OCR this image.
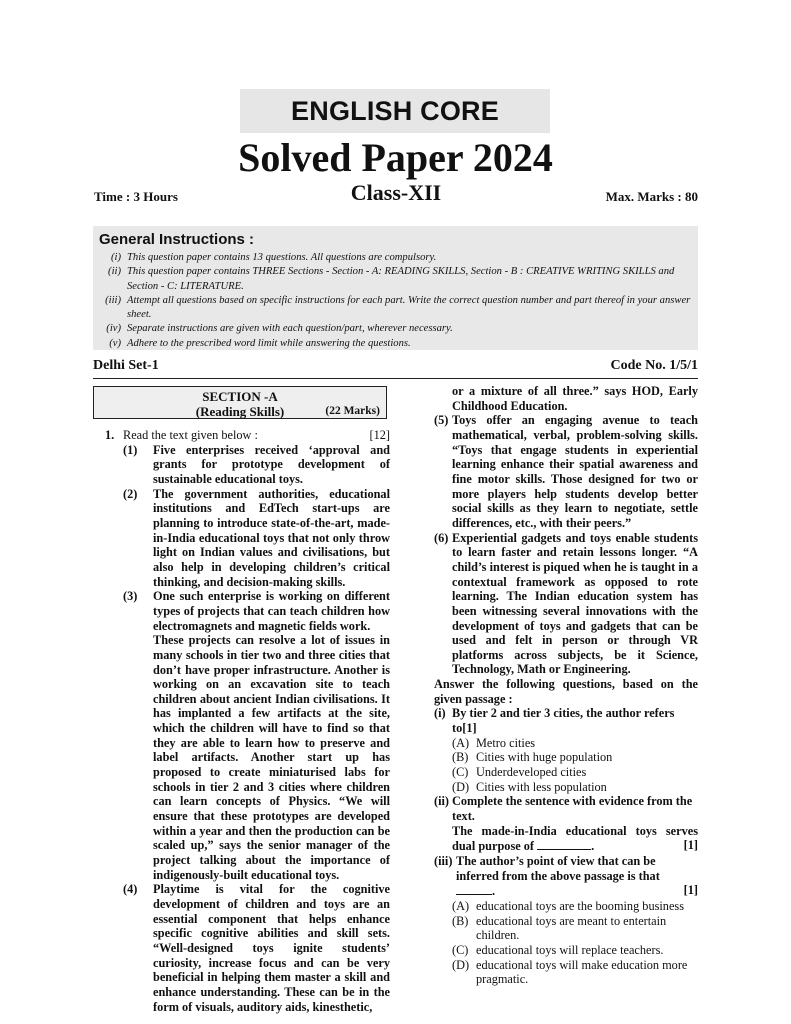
ENGLISH CORE
Solved Paper 2024
Time : 3 Hours	Class-XII	Max. Marks : 80
General Instructions :
(i) This question paper contains 13 questions. All questions are compulsory.
(ii) This question paper contains THREE Sections - Section - A: READING SKILLS, Section - B : CREATIVE WRITING SKILLS and Section - C: LITERATURE.
(iii) Attempt all questions based on specific instructions for each part. Write the correct question number and part thereof in your answer sheet.
(iv) Separate instructions are given with each question/part, wherever necessary.
(v) Adhere to the prescribed word limit while answering the questions.
Delhi Set-1	Code No. 1/5/1
SECTION -A
(Reading Skills)	(22 Marks)
1. Read the text given below :	[12]
(1)	Five enterprises received ‘approval and grants for prototype development of sustainable educational toys.
(2)	The government authorities, educational institutions and EdTech start-ups are planning to introduce state-of-the-art, made-in-India educational toys that not only throw light on Indian values and civilisations, but also help in developing children’s critical thinking, and decision-making skills.
(3)	One such enterprise is working on different types of projects that can teach children how electromagnets and magnetic fields work.
These projects can resolve a lot of issues in many schools in tier two and three cities that don’t have proper infrastructure. Another is working on an excavation site to teach children about ancient Indian civilisations. It has implanted a few artifacts at the site, which the children will have to find so that they are able to learn how to preserve and label artifacts. Another start up has proposed to create miniaturised labs for schools in tier 2 and 3 cities where children can learn concepts of Physics. “We will ensure that these prototypes are developed within a year and then the production can be scaled up,” says the senior manager of the project talking about the importance of indigenously-built educational toys.
(4)	Playtime is vital for the cognitive development of children and toys are an essential component that helps enhance specific cognitive abilities and skill sets. “Well-designed toys ignite students’ curiosity, increase focus and can be very beneficial in helping them master a skill and enhance understanding. These can be in the form of visuals, auditory aids, kinesthetic,
or a mixture of all three.” says HOD, Early Childhood Education.
(5) Toys offer an engaging avenue to teach mathematical, verbal, problem-solving skills. “Toys that engage students in experiential learning enhance their spatial awareness and fine motor skills. Those designed for two or more players help students develop better social skills as they learn to negotiate, settle differences, etc., with their peers.”
(6) Experiential gadgets and toys enable students to learn faster and retain lessons longer. “A child’s interest is piqued when he is taught in a contextual framework as opposed to rote learning. The Indian education system has been witnessing several innovations with the development of toys and gadgets that can be used and felt in person or through VR platforms across subjects, be it Science, Technology, Math or Engineering.
Answer the following questions, based on the given passage :
(i) By tier 2 and tier 3 cities, the author refers to[1]
(A) Metro cities
(B) Cities with huge population
(C) Underdeveloped cities
(D) Cities with less population
(ii) Complete the sentence with evidence from the text.
The made-in-India educational toys serves dual purpose of	.	[1]
(iii) The author’s point of view that can be inferred from the above passage is that .	[1]
(A) educational toys are the booming business
(B) educational toys are meant to entertain children.
(C) educational toys will replace teachers.
(D) educational toys will make education more pragmatic.
